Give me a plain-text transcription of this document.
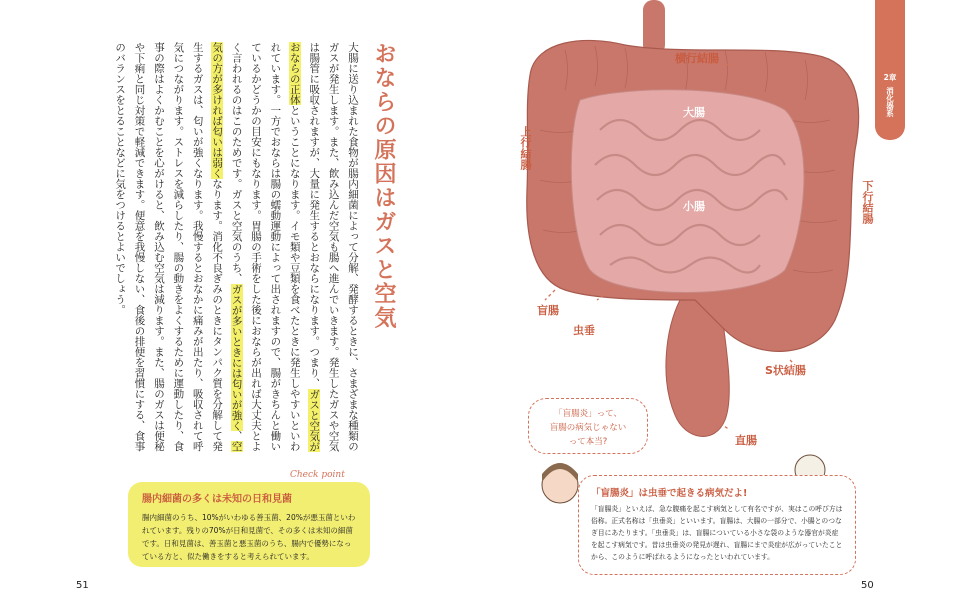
おならの原因はガスと空気
大腸に送り込まれた食物が腸内細菌によって分解、発酵するときに、さまざまな種類のガスが発生します。また、飲み込んだ空気も腸へ進んでいきます。発生したガスや空気は腸管に吸収されますが、大量に発生するとおならになります。つまり、ガスと空気がおならの正体ということになります。イモ類や豆類を食べたときに発生しやすいといわれています。一方でおならは腸の蠕動運動によって出されますので、腸がきちんと働いているかどうかの目安にもなります。胃腸の手術をした後におならが出れば大丈夫とよく言われるのはこのためです。ガスと空気のうち、ガスが多いときには匂いが強く、空気の方が多ければ匂いは弱くなります。消化不良ぎみのときにタンパク質を分解して発生するガスは、匂いが強くなります。我慢するとおなかに痛みが出たり、吸収されて呼気につながります。ストレスを減らしたり、腸の動きをよくするために運動したり、食事の際はよくかむことを心がけると、飲み込む空気は減ります。また、腸のガスは便秘や下痢と同じ対策で軽減できます。便意を我慢しない、食後の排便を習慣にする、食事のバランスをとることなどに気をつけるとよいでしょう。
Check point
腸内細菌の多くは未知の日和見菌
腸内細菌のうち、10%がいわゆる善玉菌、20%が悪玉菌といわれています。残りの70%が日和見菌で、その多くは未知の細菌です。日和見菌は、善玉菌と悪玉菌のうち、腸内で優勢になっている方と、似た働きをすると考えられています。
51
横行結腸
大腸
上行結腸
下行結腸
小腸
盲腸
虫垂
S状結腸
直腸
2章
消化器系
「盲腸炎」って、
盲腸の病気じゃない
って本当?
「盲腸炎」は虫垂で起きる病気だよ!
「盲腸炎」といえば、急な腹痛を起こす病気として有名ですが、実はこの呼び方は俗称。正式名称は「虫垂炎」といいます。盲腸は、大腸の一部分で、小腸とのつなぎ目にあたります。「虫垂炎」は、盲腸についている小さな袋のような器官が炎症を起こす病気です。昔は虫垂炎の発見が遅れ、盲腸にまで炎症が広がっていたことから、このように呼ばれるようになったといわれています。
50
